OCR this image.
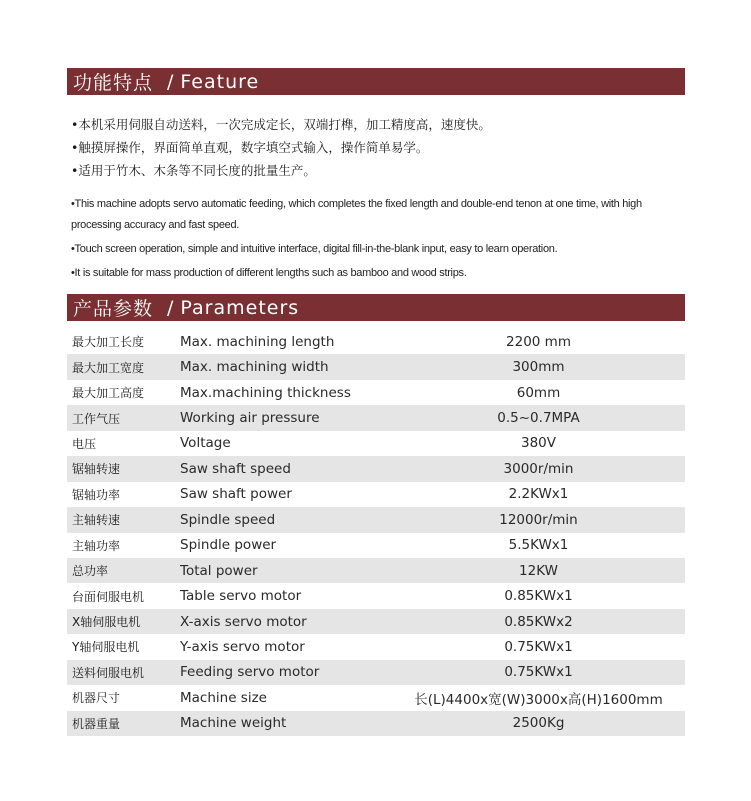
功能特点 / Feature
•本机采用伺服自动送料，一次完成定长，双端打榫，加工精度高，速度快。
•触摸屏操作，界面简单直观，数字填空式输入，操作简单易学。
•适用于竹木、木条等不同长度的批量生产。
•This machine adopts servo automatic feeding, which completes the fixed length and double-end tenon at one time, with high processing accuracy and fast speed.
•Touch screen operation, simple and intuitive interface, digital fill-in-the-blank input, easy to learn operation.
•It is suitable for mass production of different lengths such as bamboo and wood strips.
产品参数 / Parameters
最大加工长度	Max. machining length	2200 mm
最大加工宽度	Max. machining width	300mm
最大加工高度	Max.machining thickness	60mm
工作气压	Working air pressure	0.5~0.7MPA
电压	Voltage	380V
锯轴转速	Saw shaft speed	3000r/min
锯轴功率	Saw shaft power	2.2KWx1
主轴转速	Spindle speed	12000r/min
主轴功率	Spindle power	5.5KWx1
总功率	Total power	12KW
台面伺服电机	Table servo motor	0.85KWx1
X轴伺服电机	X-axis servo motor	0.85KWx2
Y轴伺服电机	Y-axis servo motor	0.75KWx1
送料伺服电机	Feeding servo motor	0.75KWx1
机器尺寸	Machine size	长(L)4400x宽(W)3000x高(H)1600mm
机器重量	Machine weight	2500Kg
